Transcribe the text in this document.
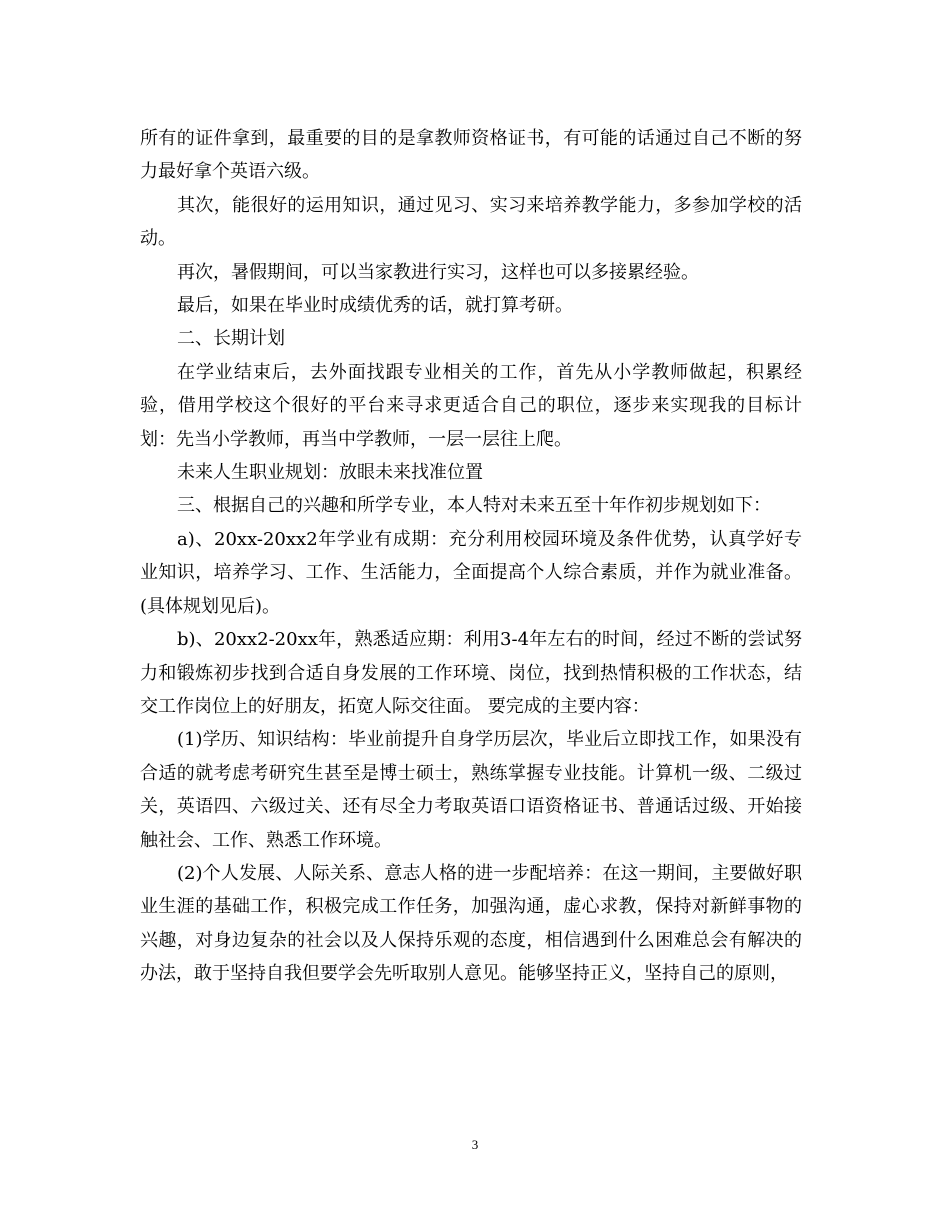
所有的证件拿到，最重要的目的是拿教师资格证书，有可能的话通过自己不断的努力最好拿个英语六级。

其次，能很好的运用知识，通过见习、实习来培养教学能力，多参加学校的活动。

再次，暑假期间，可以当家教进行实习，这样也可以多接累经验。

最后，如果在毕业时成绩优秀的话，就打算考研。

二、长期计划

在学业结束后，去外面找跟专业相关的工作，首先从小学教师做起，积累经验，借用学校这个很好的平台来寻求更适合自己的职位，逐步来实现我的目标计划：先当小学教师，再当中学教师，一层一层往上爬。

未来人生职业规划：放眼未来找准位置

三、根据自己的兴趣和所学专业，本人特对未来五至十年作初步规划如下：

a)、20xx-20xx2年学业有成期：充分利用校园环境及条件优势，认真学好专业知识，培养学习、工作、生活能力，全面提高个人综合素质，并作为就业准备。(具体规划见后)。

b)、20xx2-20xx年，熟悉适应期：利用3-4年左右的时间，经过不断的尝试努力和锻炼初步找到合适自身发展的工作环境、岗位，找到热情积极的工作状态，结交工作岗位上的好朋友，拓宽人际交往面。 要完成的主要内容：

(1)学历、知识结构：毕业前提升自身学历层次，毕业后立即找工作，如果没有合适的就考虑考研究生甚至是博士硕士，熟练掌握专业技能。计算机一级、二级过关，英语四、六级过关、还有尽全力考取英语口语资格证书、普通话过级、开始接触社会、工作、熟悉工作环境。

(2)个人发展、人际关系、意志人格的进一步配培养：在这一期间，主要做好职业生涯的基础工作，积极完成工作任务，加强沟通，虚心求教，保持对新鲜事物的兴趣，对身边复杂的社会以及人保持乐观的态度，相信遇到什么困难总会有解决的办法，敢于坚持自我但要学会先听取别人意见。能够坚持正义，坚持自己的原则，

3
